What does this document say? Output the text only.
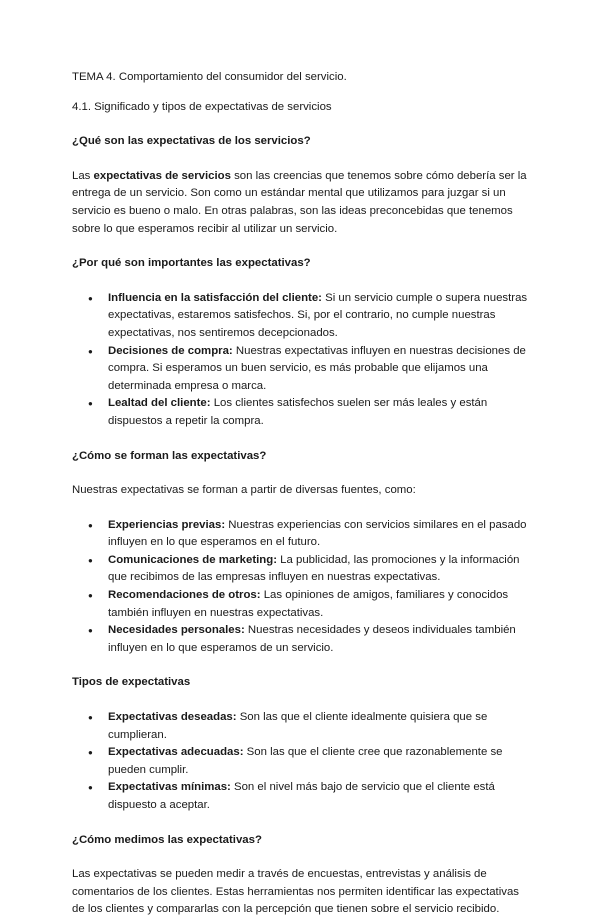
TEMA 4. Comportamiento del consumidor del servicio.

4.1. Significado y tipos de expectativas de servicios

¿Qué son las expectativas de los servicios?

Las expectativas de servicios son las creencias que tenemos sobre cómo debería ser la entrega de un servicio. Son como un estándar mental que utilizamos para juzgar si un servicio es bueno o malo. En otras palabras, son las ideas preconcebidas que tenemos sobre lo que esperamos recibir al utilizar un servicio.

¿Por qué son importantes las expectativas?

● Influencia en la satisfacción del cliente: Si un servicio cumple o supera nuestras expectativas, estaremos satisfechos. Si, por el contrario, no cumple nuestras expectativas, nos sentiremos decepcionados.
● Decisiones de compra: Nuestras expectativas influyen en nuestras decisiones de compra. Si esperamos un buen servicio, es más probable que elijamos una determinada empresa o marca.
● Lealtad del cliente: Los clientes satisfechos suelen ser más leales y están dispuestos a repetir la compra.

¿Cómo se forman las expectativas?

Nuestras expectativas se forman a partir de diversas fuentes, como:

● Experiencias previas: Nuestras experiencias con servicios similares en el pasado influyen en lo que esperamos en el futuro.
● Comunicaciones de marketing: La publicidad, las promociones y la información que recibimos de las empresas influyen en nuestras expectativas.
● Recomendaciones de otros: Las opiniones de amigos, familiares y conocidos también influyen en nuestras expectativas.
● Necesidades personales: Nuestras necesidades y deseos individuales también influyen en lo que esperamos de un servicio.

Tipos de expectativas

● Expectativas deseadas: Son las que el cliente idealmente quisiera que se cumplieran.
● Expectativas adecuadas: Son las que el cliente cree que razonablemente se pueden cumplir.
● Expectativas mínimas: Son el nivel más bajo de servicio que el cliente está dispuesto a aceptar.

¿Cómo medimos las expectativas?

Las expectativas se pueden medir a través de encuestas, entrevistas y análisis de comentarios de los clientes. Estas herramientas nos permiten identificar las expectativas de los clientes y compararlas con la percepción que tienen sobre el servicio recibido.
